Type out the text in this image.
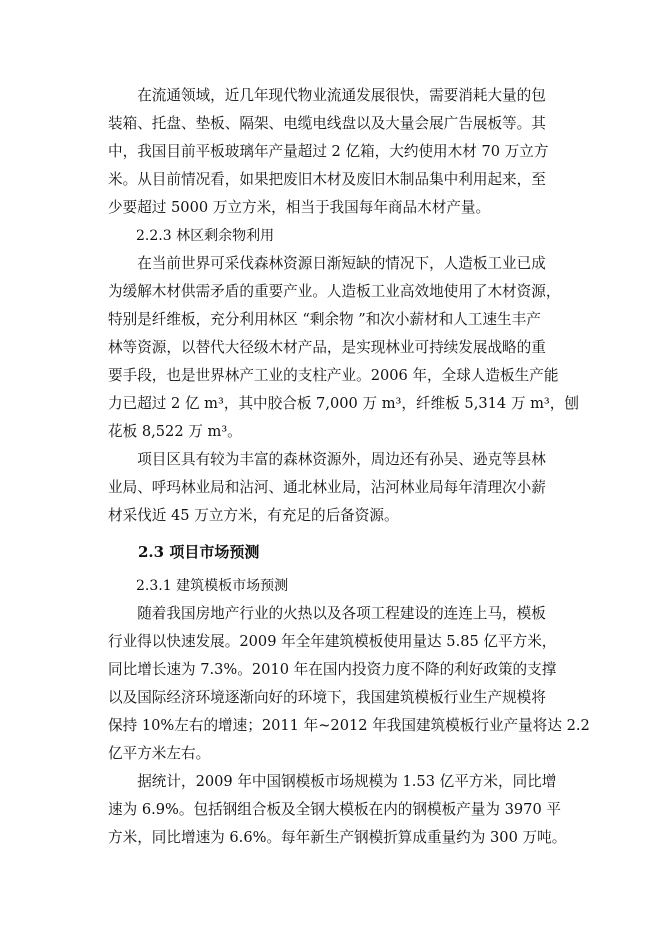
　　在流通领域，近几年现代物业流通发展很快，需要消耗大量的包
装箱、托盘、垫板、隔架、电缆电线盘以及大量会展广告展板等。其
中，我国目前平板玻璃年产量超过 2 亿箱，大约使用木材 70 万立方
米。从目前情况看，如果把废旧木材及废旧木制品集中利用起来，至
少要超过 5000 万立方米，相当于我国每年商品木材产量。
　　2.2.3 林区剩余物利用
　　在当前世界可采伐森林资源日渐短缺的情况下，人造板工业已成
为缓解木材供需矛盾的重要产业。人造板工业高效地使用了木材资源，
特别是纤维板，充分利用林区 “剩余物 ”和次小薪材和人工速生丰产
林等资源，以替代大径级木材产品，是实现林业可持续发展战略的重
要手段，也是世界林产工业的支柱产业。2006 年，全球人造板生产能
力已超过 2 亿 m³，其中胶合板 7,000 万 m³，纤维板 5,314 万 m³，刨
花板 8,522 万 m³。
　　项目区具有较为丰富的森林资源外，周边还有孙吴、逊克等县林
业局、呼玛林业局和沾河、通北林业局，沾河林业局每年清理次小薪
材采伐近 45 万立方米，有充足的后备资源。
　　2.3 项目市场预测
　　2.3.1 建筑模板市场预测
　　随着我国房地产行业的火热以及各项工程建设的连连上马，模板
行业得以快速发展。2009 年全年建筑模板使用量达 5.85 亿平方米，
同比增长速为 7.3%。2010 年在国内投资力度不降的利好政策的支撑
以及国际经济环境逐渐向好的环境下，我国建筑模板行业生产规模将
保持 10%左右的增速；2011 年~2012 年我国建筑模板行业产量将达 2.2
亿平方米左右。
　　据统计，2009 年中国钢模板市场规模为 1.53 亿平方米，同比增
速为 6.9%。包括钢组合板及全钢大模板在内的钢模板产量为 3970 平
方米，同比增速为 6.6%。每年新生产钢模折算成重量约为 300 万吨。
